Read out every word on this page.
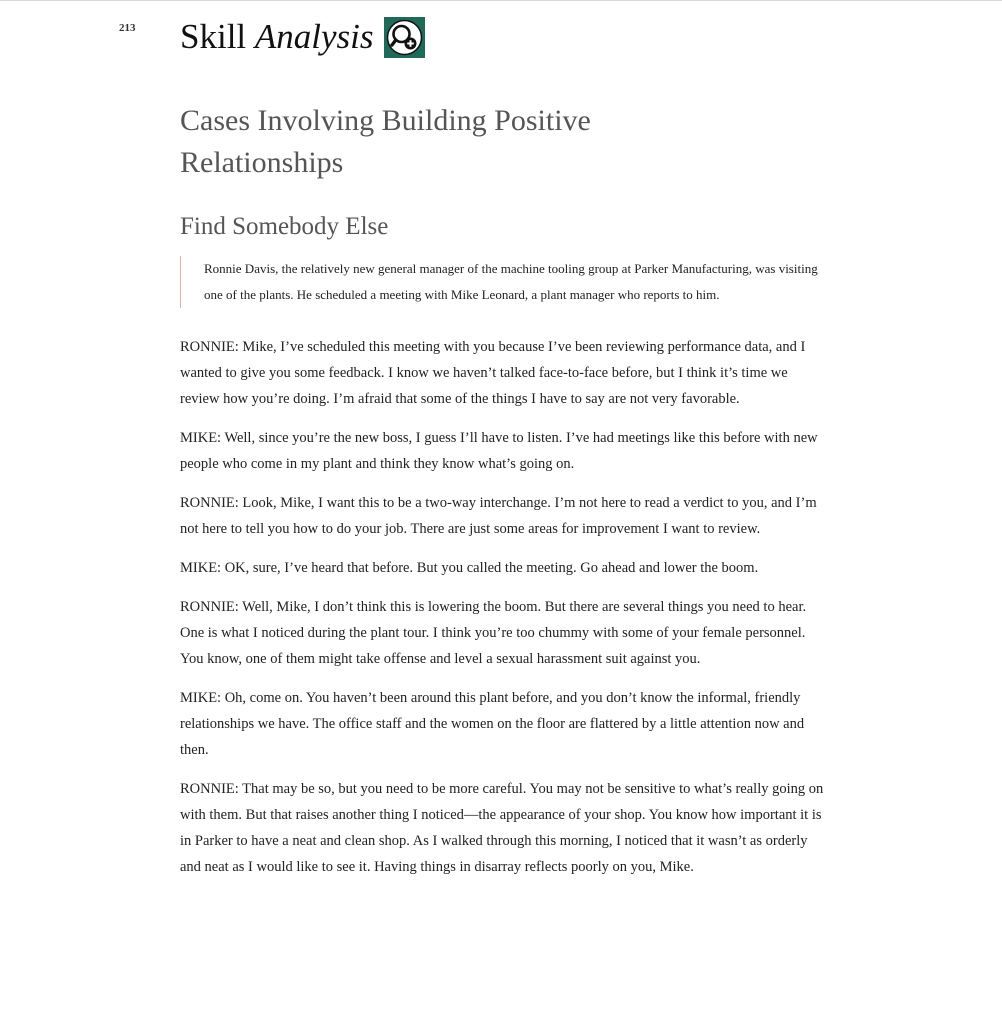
213 Skill Analysis
Cases Involving Building Positive
Relationships
Find Somebody Else
Ronnie Davis, the relatively new general manager of the machine tooling group at Parker Manufacturing, was visiting one of the plants. He scheduled a meeting with Mike Leonard, a plant manager who reports to him.

RONNIE: Mike, I’ve scheduled this meeting with you because I’ve been reviewing performance data, and I wanted to give you some feedback. I know we haven’t talked face-to-face before, but I think it’s time we review how you’re doing. I’m afraid that some of the things I have to say are not very favorable.

MIKE: Well, since you’re the new boss, I guess I’ll have to listen. I’ve had meetings like this before with new people who come in my plant and think they know what’s going on.

RONNIE: Look, Mike, I want this to be a two-way interchange. I’m not here to read a verdict to you, and I’m not here to tell you how to do your job. There are just some areas for improvement I want to review.

MIKE: OK, sure, I’ve heard that before. But you called the meeting. Go ahead and lower the boom.

RONNIE: Well, Mike, I don’t think this is lowering the boom. But there are several things you need to hear. One is what I noticed during the plant tour. I think you’re too chummy with some of your female personnel. You know, one of them might take offense and level a sexual harassment suit against you.

MIKE: Oh, come on. You haven’t been around this plant before, and you don’t know the informal, friendly relationships we have. The office staff and the women on the floor are flattered by a little attention now and then.

RONNIE: That may be so, but you need to be more careful. You may not be sensitive to what’s really going on with them. But that raises another thing I noticed—the appearance of your shop. You know how important it is in Parker to have a neat and clean shop. As I walked through this morning, I noticed that it wasn’t as orderly and neat as I would like to see it. Having things in disarray reflects poorly on you, Mike.
